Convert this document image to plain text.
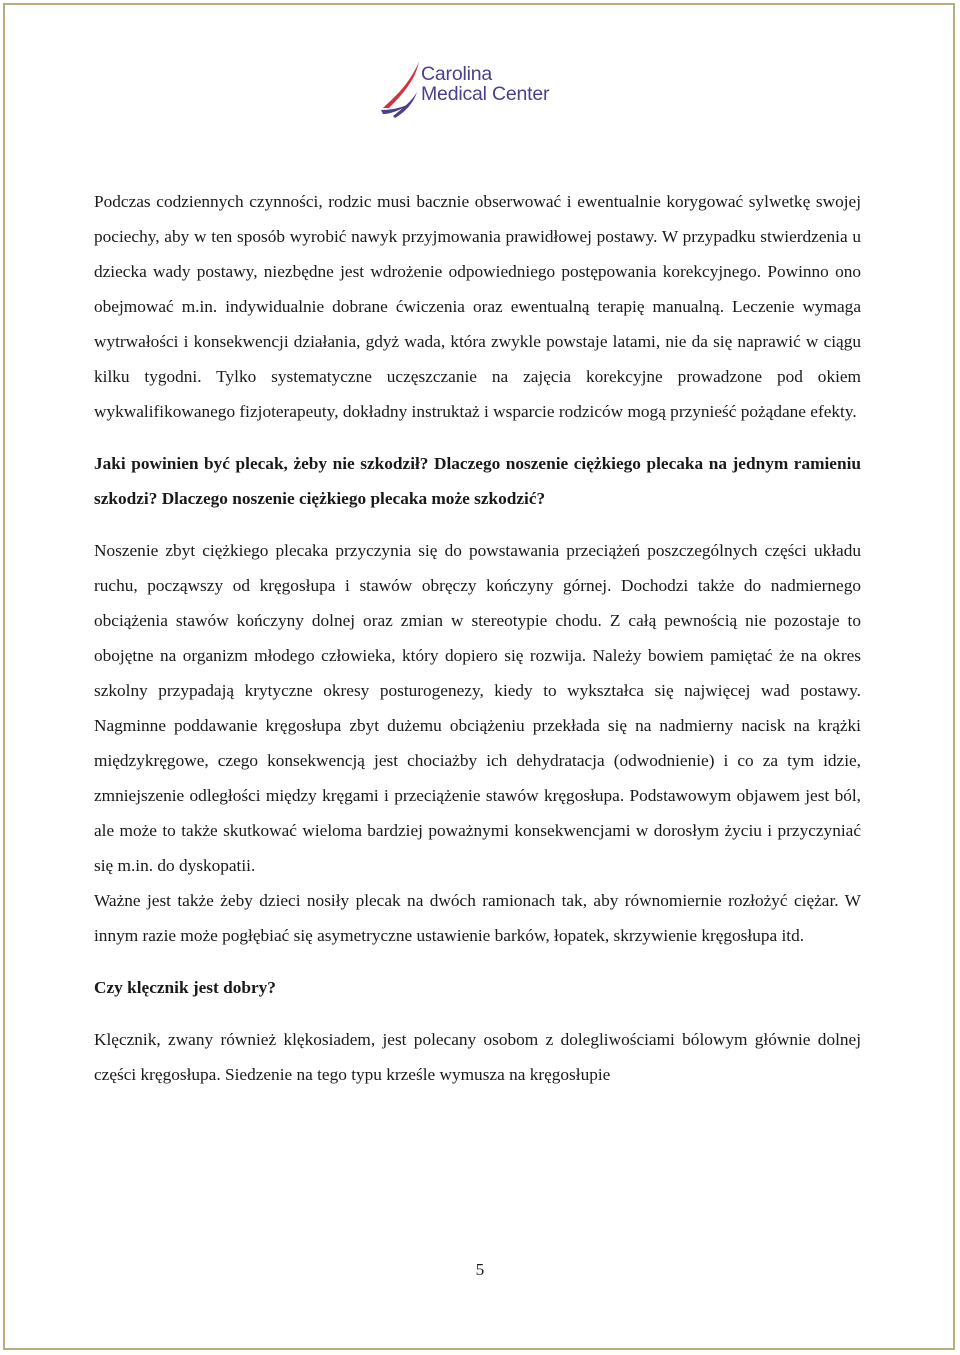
Carolina
Medical Center

Podczas codziennych czynności, rodzic musi bacznie obserwować i ewentualnie korygować sylwetkę swojej pociechy, aby w ten sposób wyrobić nawyk przyjmowania prawidłowej postawy. W przypadku stwierdzenia u dziecka wady postawy, niezbędne jest wdrożenie odpowiedniego postępowania korekcyjnego. Powinno ono obejmować m.in. indywidualnie dobrane ćwiczenia oraz ewentualną terapię manualną. Leczenie wymaga wytrwałości i konsekwencji działania, gdyż wada, która zwykle powstaje latami, nie da się naprawić w ciągu kilku tygodni. Tylko systematyczne uczęszczanie na zajęcia korekcyjne prowadzone pod okiem wykwalifikowanego fizjoterapeuty, dokładny instruktaż i wsparcie rodziców mogą przynieść pożądane efekty.

Jaki powinien być plecak, żeby nie szkodził? Dlaczego noszenie ciężkiego plecaka na jednym ramieniu szkodzi? Dlaczego noszenie ciężkiego plecaka może szkodzić?

Noszenie zbyt ciężkiego plecaka przyczynia się do powstawania przeciążeń poszczególnych części układu ruchu, począwszy od kręgosłupa i stawów obręczy kończyny górnej. Dochodzi także do nadmiernego obciążenia stawów kończyny dolnej oraz zmian w stereotypie chodu. Z całą pewnością nie pozostaje to obojętne na organizm młodego człowieka, który dopiero się rozwija. Należy bowiem pamiętać że na okres szkolny przypadają krytyczne okresy posturogenezy, kiedy to wykształca się najwięcej wad postawy. Nagminne poddawanie kręgosłupa zbyt dużemu obciążeniu przekłada się na nadmierny nacisk na krążki międzykręgowe, czego konsekwencją jest chociażby ich dehydratacja (odwodnienie) i co za tym idzie, zmniejszenie odległości między kręgami i przeciążenie stawów kręgosłupa. Podstawowym objawem jest ból, ale może to także skutkować wieloma bardziej poważnymi konsekwencjami w dorosłym życiu i przyczyniać się m.in. do dyskopatii.

Ważne jest także żeby dzieci nosiły plecak na dwóch ramionach tak, aby równomiernie rozłożyć ciężar. W innym razie może pogłębiać się asymetryczne ustawienie barków, łopatek, skrzywienie kręgosłupa itd.

Czy klęcznik jest dobry?

Klęcznik, zwany również klękosiadem, jest polecany osobom z dolegliwościami bólowym głównie dolnej części kręgosłupa. Siedzenie na tego typu krześle wymusza na kręgosłupie

5
